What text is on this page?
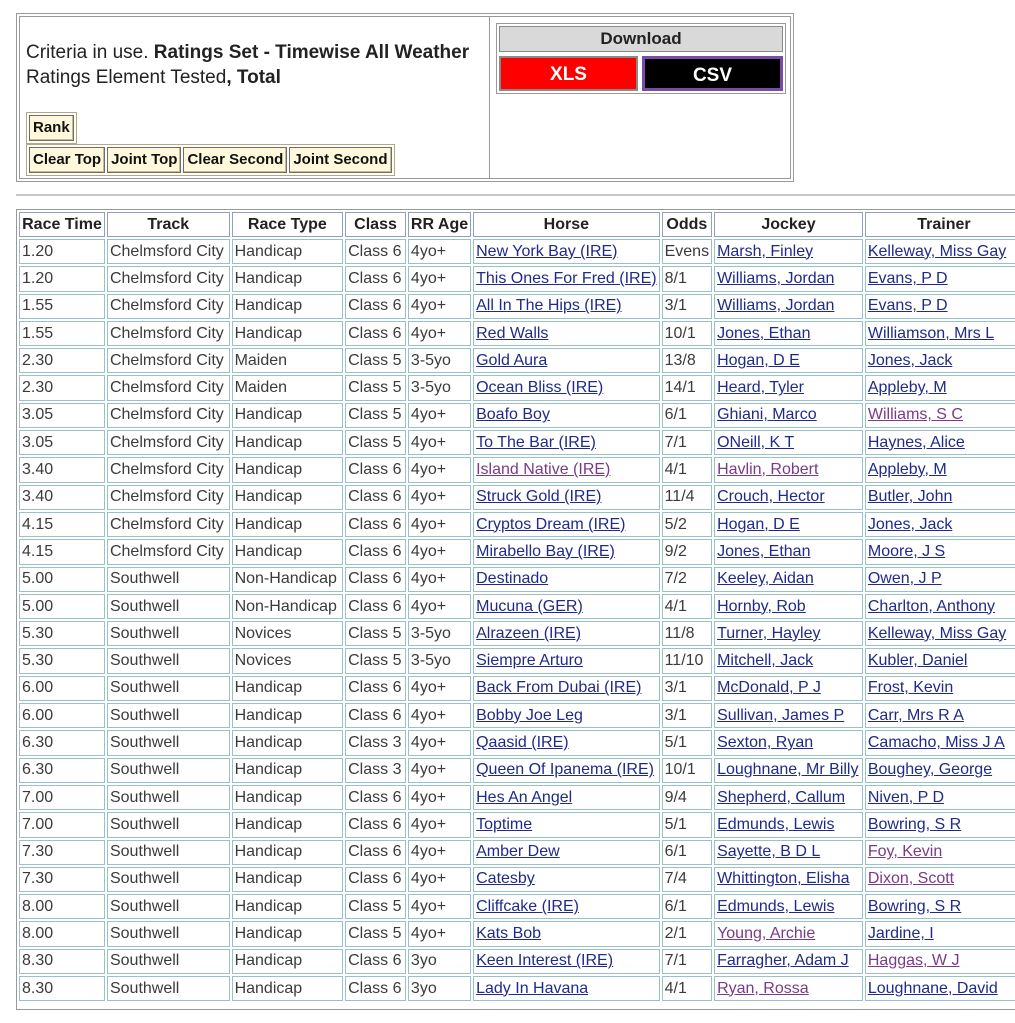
Criteria in use. Ratings Set - Timewise All Weather
Ratings Element Tested, Total
Rank
Clear Top Joint Top Clear Second Joint Second
Download
XLS	CSV
Race Time	Track	Race Type	Class	RR Age	Horse	Odds	Jockey	Trainer
1.20	Chelmsford City	Handicap	Class 6	4yo+	New York Bay (IRE)	Evens	Marsh, Finley	Kelleway, Miss Gay
1.20	Chelmsford City	Handicap	Class 6	4yo+	This Ones For Fred (IRE)	8/1	Williams, Jordan	Evans, P D
1.55	Chelmsford City	Handicap	Class 6	4yo+	All In The Hips (IRE)	3/1	Williams, Jordan	Evans, P D
1.55	Chelmsford City	Handicap	Class 6	4yo+	Red Walls	10/1	Jones, Ethan	Williamson, Mrs L
2.30	Chelmsford City	Maiden	Class 5	3-5yo	Gold Aura	13/8	Hogan, D E	Jones, Jack
2.30	Chelmsford City	Maiden	Class 5	3-5yo	Ocean Bliss (IRE)	14/1	Heard, Tyler	Appleby, M
3.05	Chelmsford City	Handicap	Class 5	4yo+	Boafo Boy	6/1	Ghiani, Marco	Williams, S C
3.05	Chelmsford City	Handicap	Class 5	4yo+	To The Bar (IRE)	7/1	ONeill, K T	Haynes, Alice
3.40	Chelmsford City	Handicap	Class 6	4yo+	Island Native (IRE)	4/1	Havlin, Robert	Appleby, M
3.40	Chelmsford City	Handicap	Class 6	4yo+	Struck Gold (IRE)	11/4	Crouch, Hector	Butler, John
4.15	Chelmsford City	Handicap	Class 6	4yo+	Cryptos Dream (IRE)	5/2	Hogan, D E	Jones, Jack
4.15	Chelmsford City	Handicap	Class 6	4yo+	Mirabello Bay (IRE)	9/2	Jones, Ethan	Moore, J S
5.00	Southwell	Non-Handicap	Class 6	4yo+	Destinado	7/2	Keeley, Aidan	Owen, J P
5.00	Southwell	Non-Handicap	Class 6	4yo+	Mucuna (GER)	4/1	Hornby, Rob	Charlton, Anthony
5.30	Southwell	Novices	Class 5	3-5yo	Alrazeen (IRE)	11/8	Turner, Hayley	Kelleway, Miss Gay
5.30	Southwell	Novices	Class 5	3-5yo	Siempre Arturo	11/10	Mitchell, Jack	Kubler, Daniel
6.00	Southwell	Handicap	Class 6	4yo+	Back From Dubai (IRE)	3/1	McDonald, P J	Frost, Kevin
6.00	Southwell	Handicap	Class 6	4yo+	Bobby Joe Leg	3/1	Sullivan, James P	Carr, Mrs R A
6.30	Southwell	Handicap	Class 3	4yo+	Qaasid (IRE)	5/1	Sexton, Ryan	Camacho, Miss J A
6.30	Southwell	Handicap	Class 3	4yo+	Queen Of Ipanema (IRE)	10/1	Loughnane, Mr Billy	Boughey, George
7.00	Southwell	Handicap	Class 6	4yo+	Hes An Angel	9/4	Shepherd, Callum	Niven, P D
7.00	Southwell	Handicap	Class 6	4yo+	Toptime	5/1	Edmunds, Lewis	Bowring, S R
7.30	Southwell	Handicap	Class 6	4yo+	Amber Dew	6/1	Sayette, B D L	Foy, Kevin
7.30	Southwell	Handicap	Class 6	4yo+	Catesby	7/4	Whittington, Elisha	Dixon, Scott
8.00	Southwell	Handicap	Class 5	4yo+	Cliffcake (IRE)	6/1	Edmunds, Lewis	Bowring, S R
8.00	Southwell	Handicap	Class 5	4yo+	Kats Bob	2/1	Young, Archie	Jardine, I
8.30	Southwell	Handicap	Class 6	3yo	Keen Interest (IRE)	7/1	Farragher, Adam J	Haggas, W J
8.30	Southwell	Handicap	Class 6	3yo	Lady In Havana	4/1	Ryan, Rossa	Loughnane, David
